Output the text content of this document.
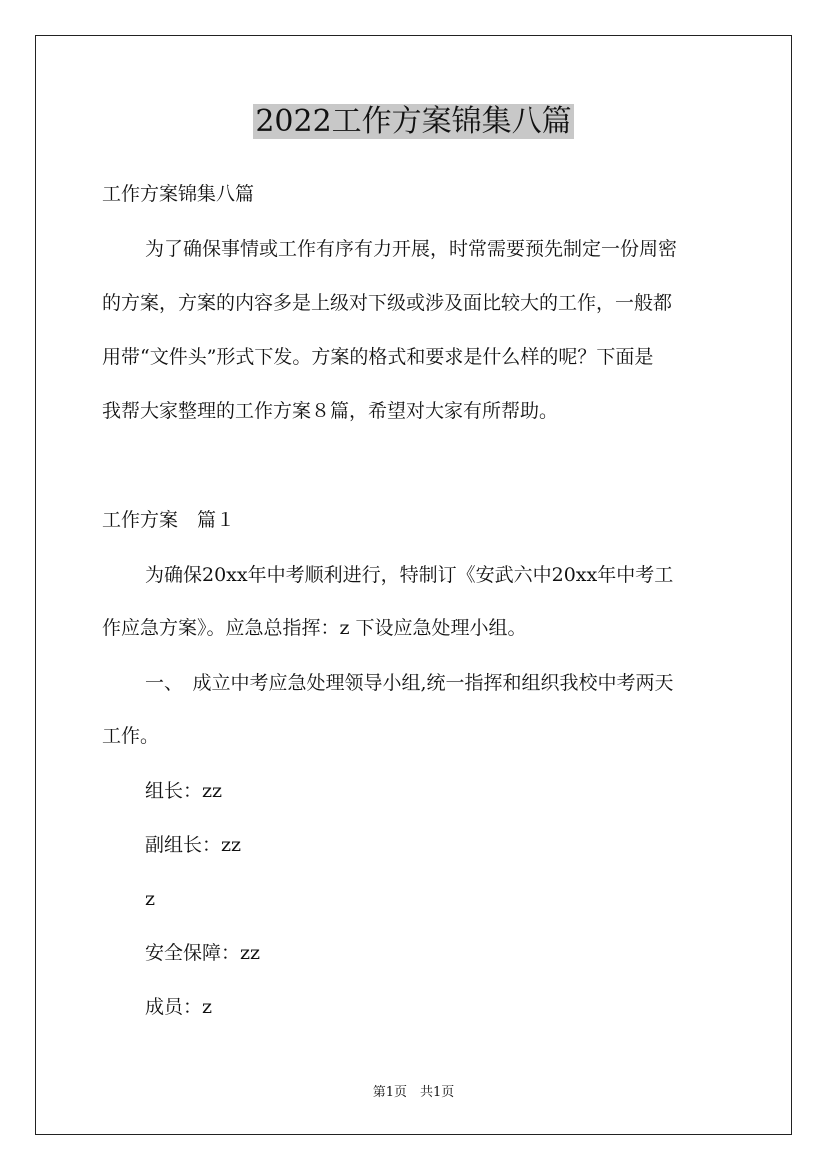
2022工作方案锦集八篇
工作方案锦集八篇
为了确保事情或工作有序有力开展，时常需要预先制定一份周密
的方案，方案的内容多是上级对下级或涉及面比较大的工作，一般都
用带“文件头”形式下发。方案的格式和要求是什么样的呢？下面是
我帮大家整理的工作方案８篇，希望对大家有所帮助。
工作方案　篇１
为确保20xx年中考顺利进行，特制订《安武六中20xx年中考工
作应急方案》。应急总指挥：z 下设应急处理小组。
一、　成立中考应急处理领导小组,统一指挥和组织我校中考两天
工作。
组长：zz
副组长：zz
z
安全保障：zz
成员：z
第1页　共1页
